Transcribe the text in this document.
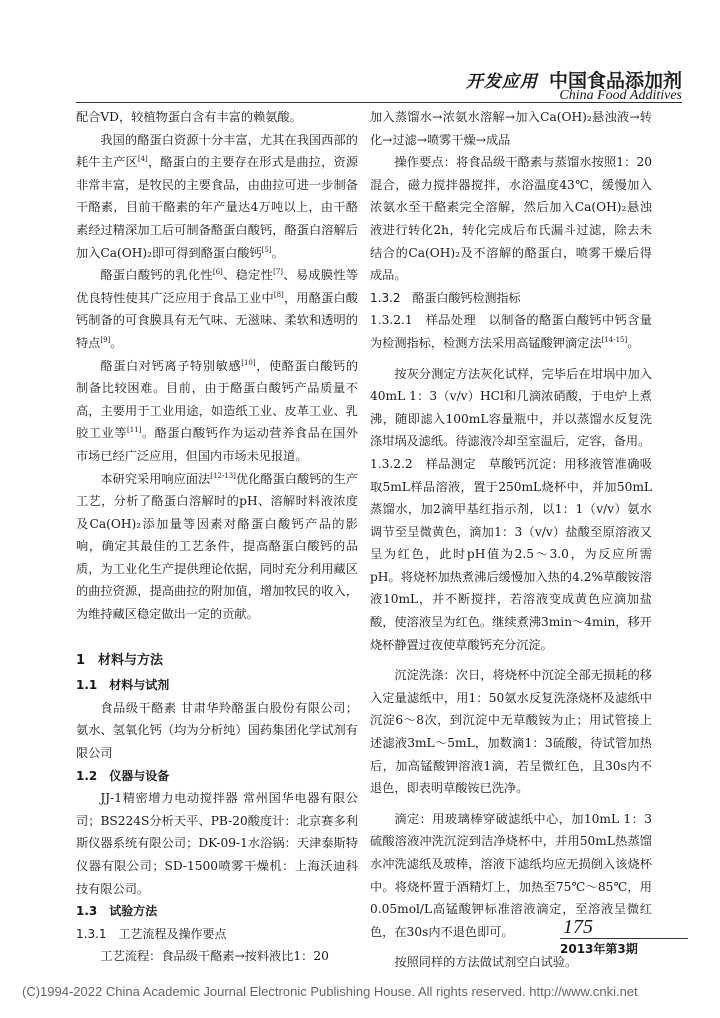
开发应用 中国食品添加剂
China Food Additives

配合VD，较植物蛋白含有丰富的赖氨酸。

我国的酪蛋白资源十分丰富，尤其在我国西部的耗牛主产区[4]，酪蛋白的主要存在形式是曲拉，资源非常丰富，是牧民的主要食品，由曲拉可进一步制备干酪素，目前干酪素的年产量达4万吨以上，由干酪素经过精深加工后可制备酪蛋白酸钙，酪蛋白溶解后加入Ca(OH)₂即可得到酪蛋白酸钙[5]。

酪蛋白酸钙的乳化性[6]、稳定性[7]、易成膜性等优良特性使其广泛应用于食品工业中[8]，用酪蛋白酸钙制备的可食膜具有无气味、无滋味、柔软和透明的特点[9]。

酪蛋白对钙离子特别敏感[10]，使酪蛋白酸钙的制备比较困难。目前，由于酪蛋白酸钙产品质量不高，主要用于工业用途，如造纸工业、皮革工业、乳胶工业等[11]。酪蛋白酸钙作为运动营养食品在国外市场已经广泛应用，但国内市场未见报道。

本研究采用响应面法[12-13]优化酪蛋白酸钙的生产工艺，分析了酪蛋白溶解时的pH、溶解时料液浓度及Ca(OH)₂添加量等因素对酪蛋白酸钙产品的影响，确定其最佳的工艺条件，提高酪蛋白酸钙的品质，为工业化生产提供理论依据，同时充分利用藏区的曲拉资源，提高曲拉的附加值，增加牧民的收入，为维持藏区稳定做出一定的贡献。

1　材料与方法

1.1　材料与试剂

食品级干酪素 甘肃华羚酪蛋白股份有限公司；氨水、氢氧化钙（均为分析纯）国药集团化学试剂有限公司

1.2　仪器与设备

JJ-1精密增力电动搅拌器 常州国华电器有限公司；BS224S分析天平、PB-20酸度计：北京赛多利斯仪器系统有限公司；DK-09-1水浴锅：天津泰斯特仪器有限公司；SD-1500喷雾干燥机：上海沃迪科技有限公司。

1.3　试验方法

1.3.1　工艺流程及操作要点

工艺流程：食品级干酪素→按料液比1：20

加入蒸馏水→浓氨水溶解→加入Ca(OH)₂悬浊液→转化→过滤→喷雾干燥→成品

操作要点：将食品级干酪素与蒸馏水按照1：20混合，磁力搅拌器搅拌，水浴温度43℃，缓慢加入浓氨水至干酪素完全溶解，然后加入Ca(OH)₂悬浊液进行转化2h，转化完成后布氏漏斗过滤，除去未结合的Ca(OH)₂及不溶解的酪蛋白，喷雾干燥后得成品。

1.3.2　酪蛋白酸钙检测指标

1.3.2.1　样品处理　以制备的酪蛋白酸钙中钙含量为检测指标，检测方法采用高锰酸钾滴定法[14-15]。

按灰分测定方法灰化试样，完毕后在坩埚中加入40mL 1：3（v/v）HCl和几滴浓硝酸，于电炉上煮沸，随即滤入100mL容量瓶中，并以蒸馏水反复洗涤坩埚及滤纸。待滤液冷却至室温后，定容，备用。

1.3.2.2　样品测定　草酸钙沉淀：用移液管准确吸取5mL样品溶液，置于250mL烧杯中，并加50mL蒸馏水，加2滴甲基红指示剂，以1：1（v/v）氨水调节至呈微黄色，滴加1：3（v/v）盐酸至原溶液又呈为红色，此时pH值为2.5～3.0，为反应所需pH。将烧杯加热煮沸后缓慢加入热的4.2%草酸铵溶液10mL，并不断搅拌，若溶液变成黄色应滴加盐酸，使溶液呈为红色。继续煮沸3min～4min，移开烧杯静置过夜使草酸钙充分沉淀。

沉淀洗涤：次日，将烧杯中沉淀全部无损耗的移入定量滤纸中，用1：50氨水反复洗涤烧杯及滤纸中沉淀6～8次，到沉淀中无草酸铵为止；用试管接上述滤液3mL～5mL，加数滴1：3硫酸，待试管加热后，加高锰酸钾溶液1滴，若呈微红色，且30s内不退色，即表明草酸铵已洗净。

滴定：用玻璃棒穿破滤纸中心，加10mL 1：3硫酸溶液冲洗沉淀到洁净烧杯中，并用50mL热蒸馏水冲洗滤纸及玻棒，溶液下滤纸均应无损倒入该烧杯中。将烧杯置于酒精灯上，加热至75℃～85℃，用0.05mol/L高锰酸钾标准溶液滴定，至溶液呈微红色，在30s内不退色即可。

按照同样的方法做试剂空白试验。

175
2013年第3期
(C)1994-2022 China Academic Journal Electronic Publishing House. All rights reserved. http://www.cnki.net
